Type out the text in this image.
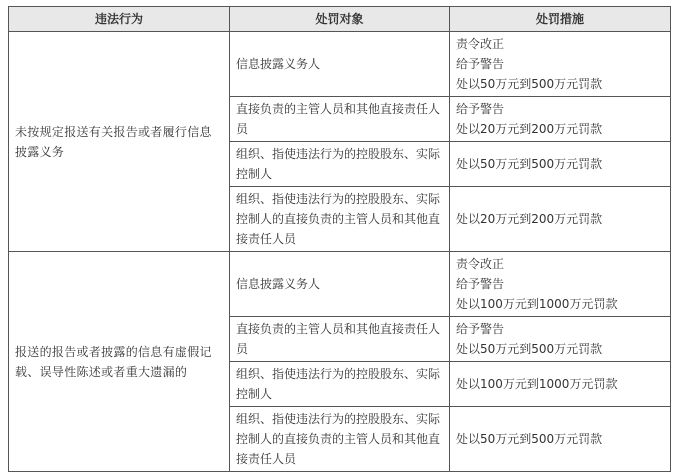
违法行为	处罚对象	处罚措施
未按规定报送有关报告或者履行信息披露义务	信息披露义务人	责令改正
给予警告
处以50万元到500万元罚款

	直接负责的主管人员和其他直接责任人员	给予警告
处以20万元到200万元罚款

	组织、指使违法行为的控股股东、实际控制人	处以50万元到500万元罚款

	组织、指使违法行为的控股股东、实际控制人的直接负责的主管人员和其他直接责任人员	处以20万元到200万元罚款

报送的报告或者披露的信息有虚假记载、误导性陈述或者重大遗漏的	信息披露义务人	责令改正
给予警告
处以100万元到1000万元罚款

	直接负责的主管人员和其他直接责任人员	给予警告
处以50万元到500万元罚款

	组织、指使违法行为的控股股东、实际控制人	处以100万元到1000万元罚款

	组织、指使违法行为的控股股东、实际控制人的直接负责的主管人员和其他直接责任人员	处以50万元到500万元罚款
